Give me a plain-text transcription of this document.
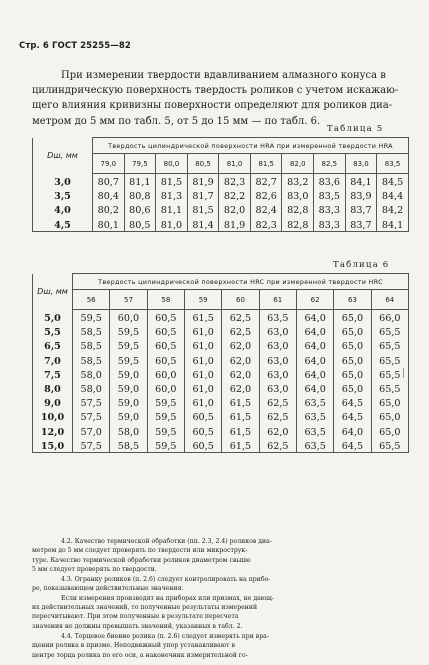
Стр. 6 ГОСТ 25255—82
При измерении твердости вдавливанием алмазного конуса в
цилиндрическую поверхность твердость роликов с учетом искажаю-
щего влияния кривизны поверхности определяют для роликов диа-
метром до 5 мм по табл. 5, от 5 до 15 мм — по табл. 6.
Таблица 5
Dш, мм	Твердость цилиндрической поверхности HRA при измеренной твердости HRA									
	79,0	79,5	80,0	80,5	81,0	81,5	82,0	82,5	83,0	83,5
3,0	80,7	81,1	81,5	81,9	82,3	82,7	83,2	83,6	84,1	84,5
3,5	80,4	80,8	81,3	81,7	82,2	82,6	83,0	83,5	83,9	84,4
4,0	80,2	80,6	81,1	81,5	82,0	82,4	82,8	83,3	83,7	84,2
4,5	80,1	80,5	81,0	81,4	81,9	82,3	82,8	83,3	83,7	84,1
Таблица 6
Dш, мм	Твердость цилиндрической поверхности HRC при измеренной твердости HRC								
	56	57	58	59	60	61	62	63	64
5,0	59,5	60,0	60,5	61,5	62,5	63,5	64,0	65,0	66,0
5,5	58,5	59,5	60,5	61,0	62,5	63,0	64,0	65,0	65,5
6,5	58,5	59,5	60,5	61,0	62,0	63,0	64,0	65,0	65,5
7,0	58,5	59,5	60,5	61,0	62,0	63,0	64,0	65,0	65,5
7,5	58,0	59,0	60,0	61,0	62,0	63,0	64,0	65,0	65,5
8,0	58,0	59,0	60,0	61,0	62,0	63,0	64,0	65,0	65,5
9,0	57,5	59,0	59,5	61,0	61,5	62,5	63,5	64,5	65,0
10,0	57,5	59,0	59,5	60,5	61,5	62,5	63,5	64,5	65,0
12,0	57,0	58,0	59,5	60,5	61,5	62,0	63,5	64,0	65,0
15,0	57,5	58,5	59,5	60,5	61,5	62,5	63,5	64,5	65,5
4.2. Качество термической обработки (пп. 2.3, 2.4) роликов диа-
метром до 5 мм следует проверять по твердости или микрострук-
туре. Качество термической обработки роликов диаметром свыше
5 мм следует проверять по твердости.
4.3. Огранку роликов (п. 2.6) следует контролировать на прибо-
ре, показывающем действительные значения.
Если измерения производят на приборах или призмах, не дающ-
их действительных значений, то полученные результаты измерений
пересчитывают. При этом полученные в результате пересчета
значения не должны превышать значений, указанных в табл. 2.
4.4. Торцевое биение ролика (п. 2.6) следует измерять при вра-
щении ролика в призме. Неподвижный упор устанавливают в
центре торца ролика по его оси, а наконечник измерительной го-
